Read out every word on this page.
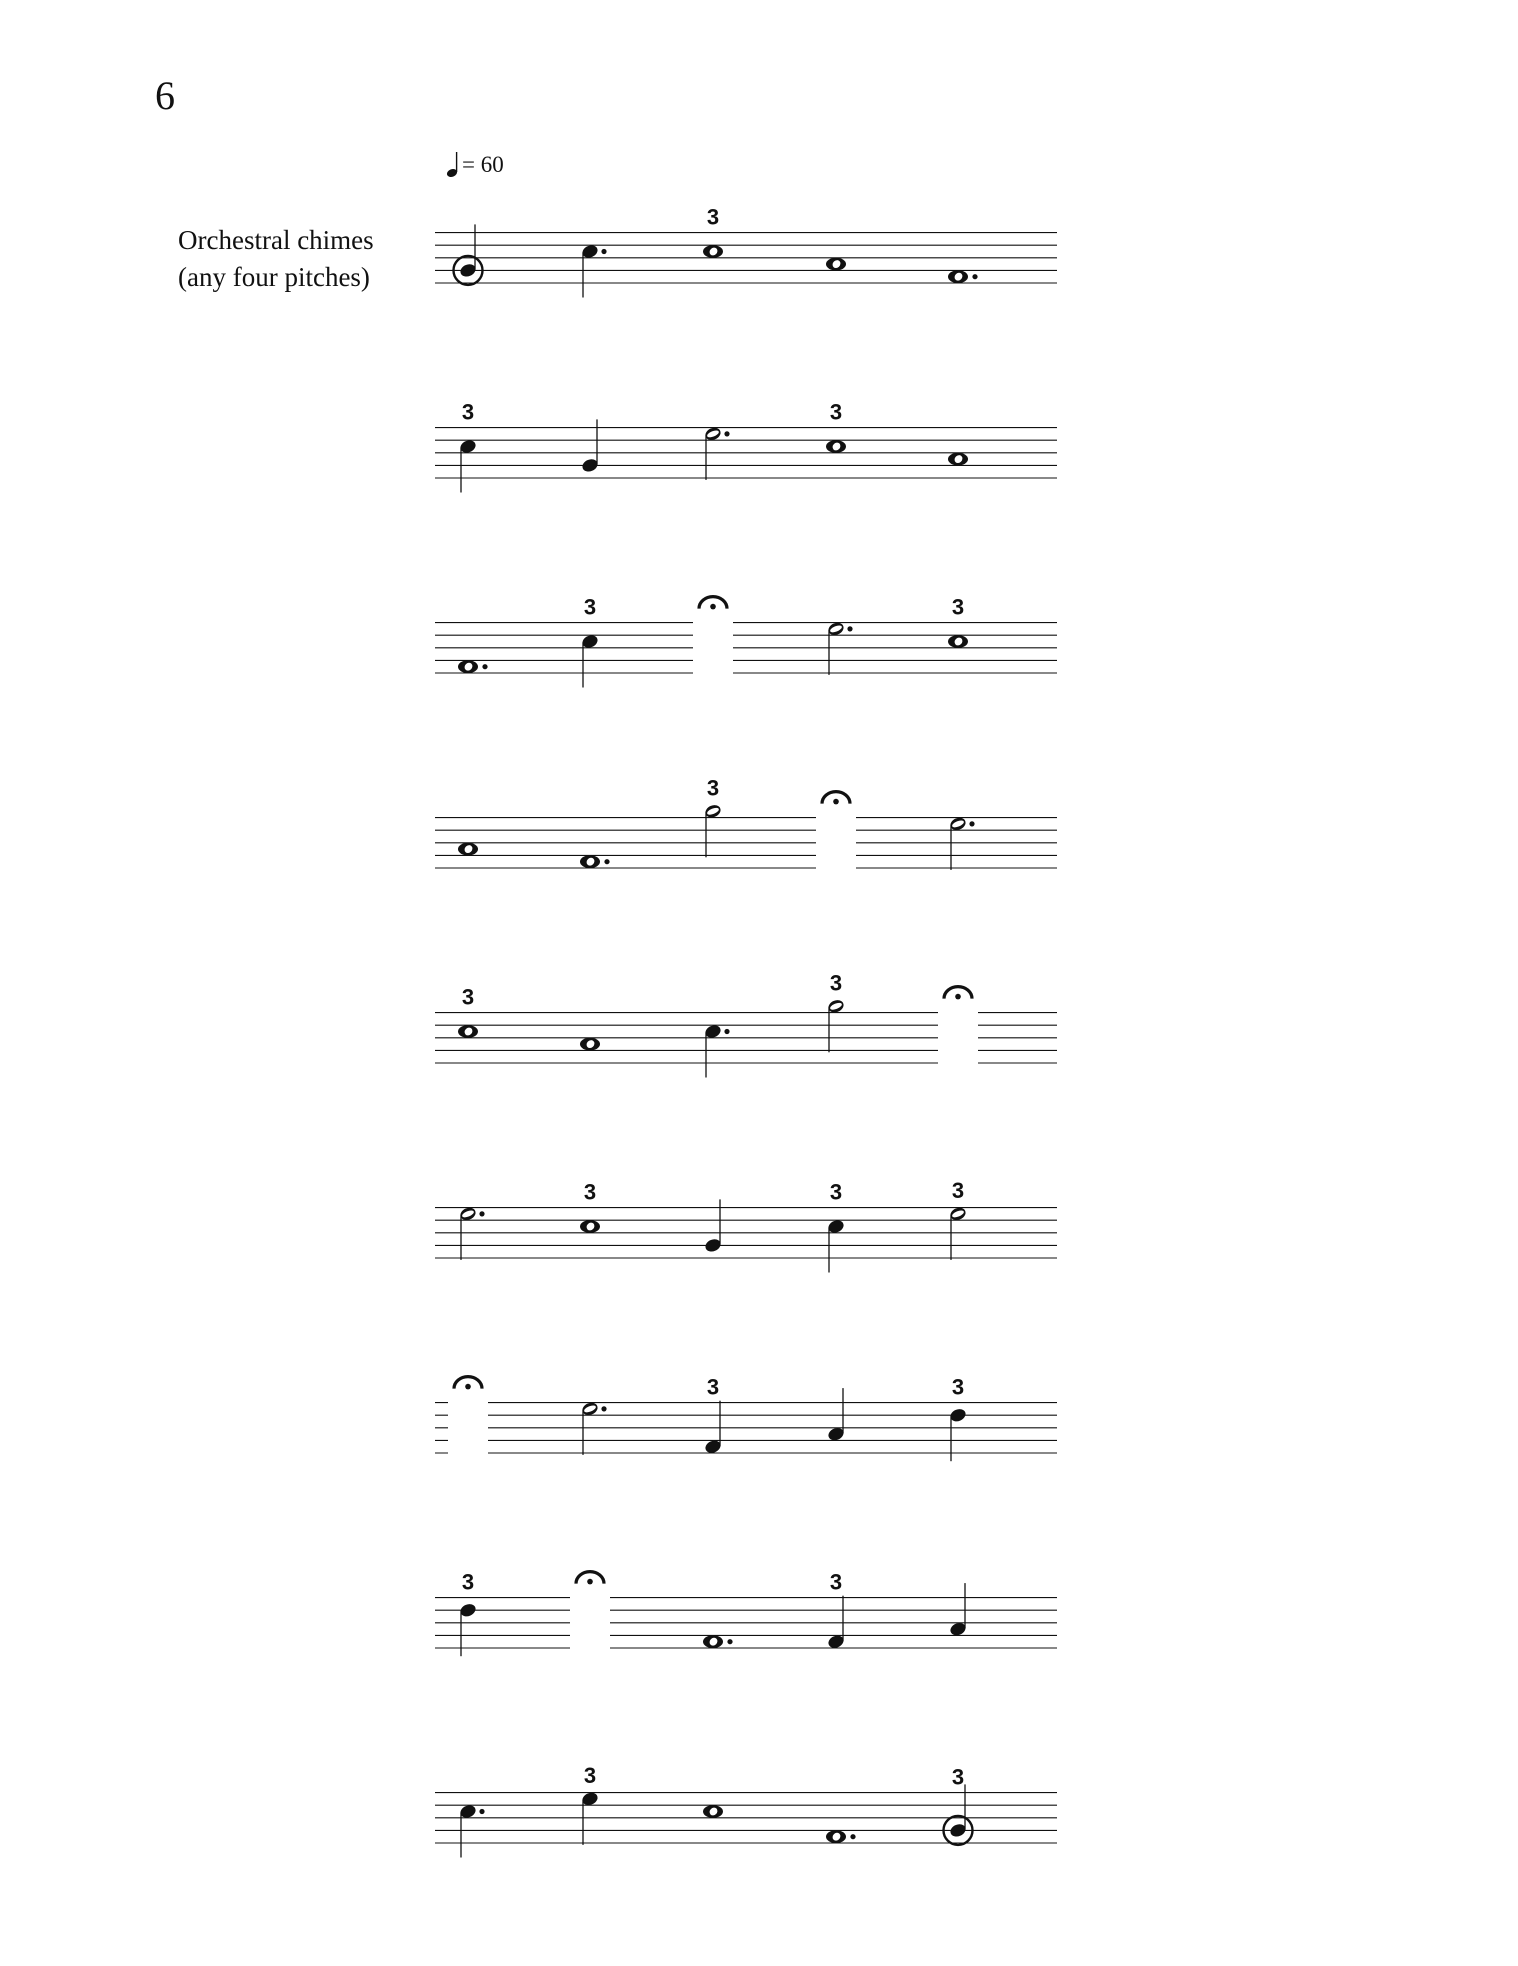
6
Orchestral chimes
(any four pitches)
= 60
3
3	3
3	3
3
3
3
3	3	3
3	3
3	3
3	3
